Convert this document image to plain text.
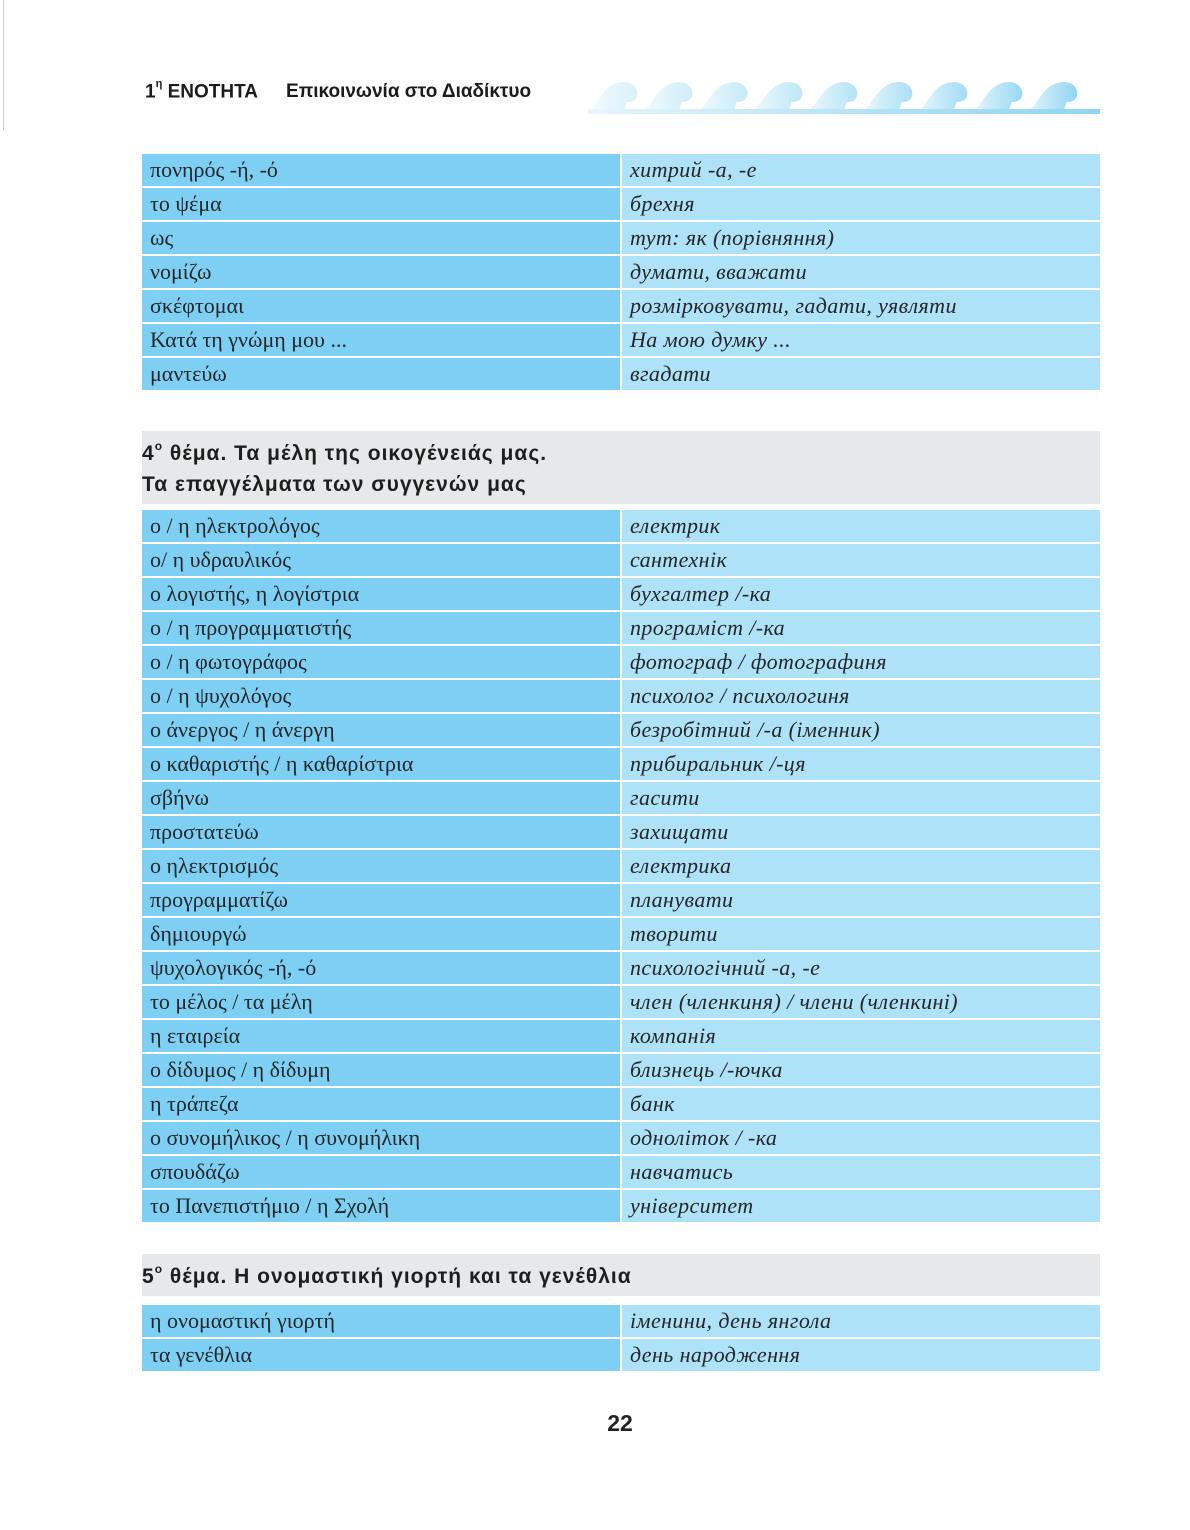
$1^\eta$ ΕΝΟΤΗΤΑ Επικοινωνία στο Διαδίκτυο
πονηρός -ή, -ό	хитрий -а, -е
το ψέμα	брехня
ως	тут: як (порівняння)
νομίζω	думати, вважати
σκέφτομαι	розмірковувати, гадати, уявляти
Κατά τη γνώμη μου ...	На мою думку ...
μαντεύω	вгадати
$4^o$ θέμα. Τα μέλη της οικογένειάς μας.
Τα επαγγέλματα των συγγενών μας
ο / η ηλεκτρολόγος	електрик
ο/ η υδραυλικός	сантехнік
ο λογιστής, η λογίστρια	бухгалтер /-ка
ο / η προγραμματιστής	програміст /-ка
ο / η φωτογράφος	фотограф / фотографиня
ο / η ψυχολόγος	психолог / психологиня
ο άνεργος / η άνεργη	безробітний /-а (іменник)
ο καθαριστής / η καθαρίστρια	прибиральник /-ця
σβήνω	гасити
προστατεύω	захищати
ο ηλεκτρισμός	електрика
προγραμματίζω	планувати
δημιουργώ	творити
ψυχολογικός -ή, -ό	психологічний -а, -е
το μέλος / τα μέλη	член (членкиня) / члени (членкині)
η εταιρεία	компанія
ο δίδυμος / η δίδυμη	близнець /-ючка
η τράπεζα	банк
ο συνομήλικος / η συνομήλικη	одноліток / -ка
σπουδάζω	навчатись
το Πανεπιστήμιο / η Σχολή	університет
$5^o$ θέμα. Η ονομαστική γιορτή και τα γενέθλια
η ονομαστική γιορτή	іменини, день янгола
τα γενέθλια	день народження
22
